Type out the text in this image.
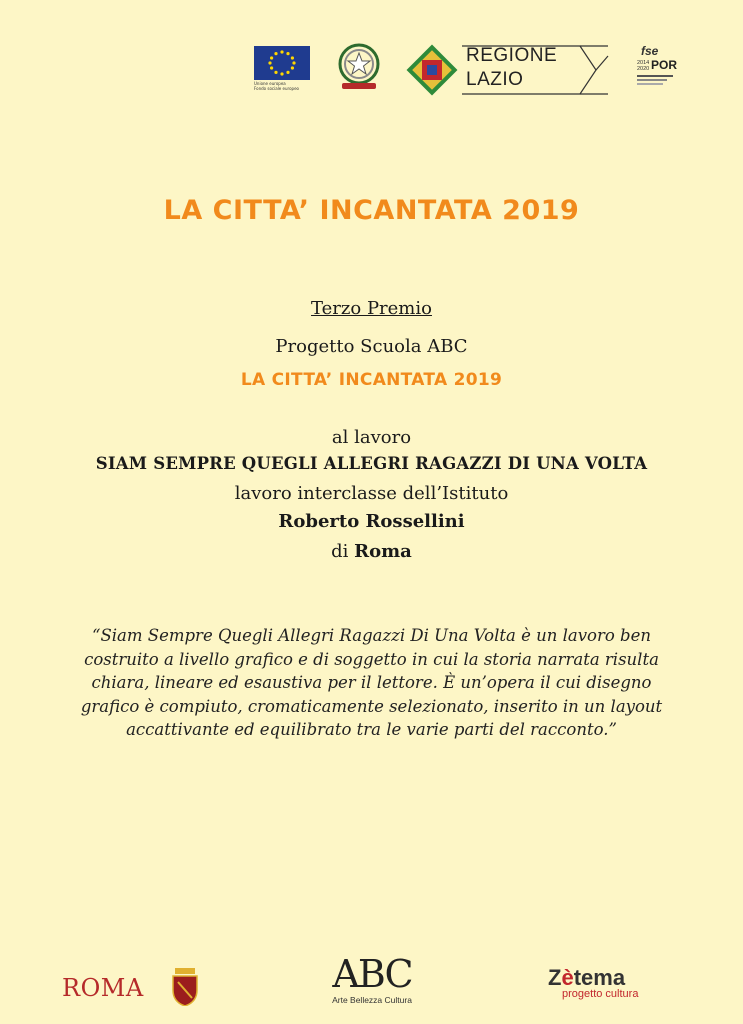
Unione europea
Fondo sociale europeo
REGIONE
LAZIO
fse
2014
2020 POR
LA CITTA’ INCANTATA 2019
Terzo Premio
Progetto Scuola ABC
LA CITTA’ INCANTATA 2019
al lavoro
SIAM SEMPRE QUEGLI ALLEGRI RAGAZZI DI UNA VOLTA
lavoro interclasse dell’Istituto
Roberto Rossellini
di Roma
“Siam Sempre Quegli Allegri Ragazzi Di Una Volta è un lavoro ben costruito a livello grafico e di soggetto in cui la storia narrata risulta chiara, lineare ed esaustiva per il lettore. È un’opera il cui disegno grafico è compiuto, cromaticamente selezionato, inserito in un layout accattivante ed equilibrato tra le varie parti del racconto.”
ROMA	ABC
Arte Bellezza Cultura
Zètema
progetto cultura
